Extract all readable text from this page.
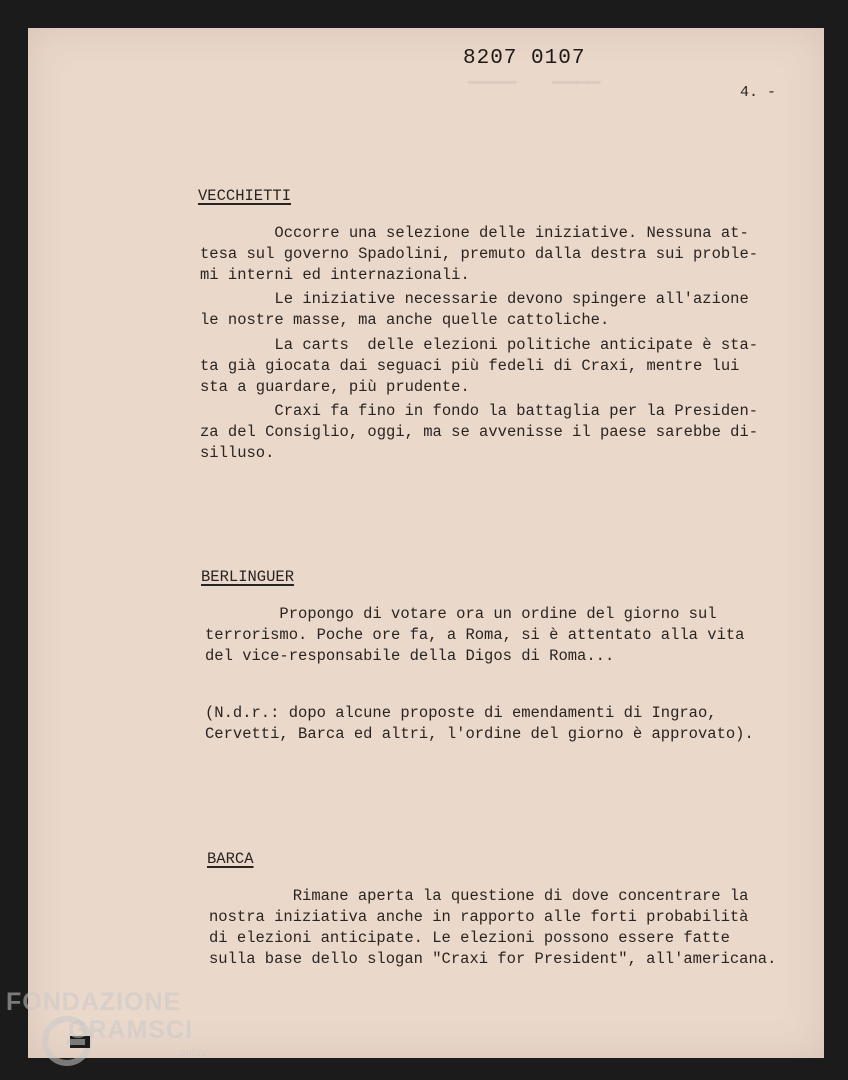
▁▁▁▁   ▁▁▁▁
8207 0107
4. -
VECCHIETTI

Occorre una selezione delle iniziative. Nessuna at-
tesa sul governo Spadolini, premuto dalla destra sui proble-
mi interni ed internazionali.

Le iniziative necessarie devono spingere all'azione
le nostre masse, ma anche quelle cattoliche.

La carts  delle elezioni politiche anticipate è sta-
ta già giocata dai seguaci più fedeli di Craxi, mentre lui
sta a guardare, più prudente.

Craxi fa fino in fondo la battaglia per la Presiden-
za del Consiglio, oggi, ma se avvenisse il paese sarebbe di-
silluso.

BERLINGUER

Propongo di votare ora un ordine del giorno sul
terrorismo. Poche ore fa, a Roma, si è attentato alla vita
del vice-responsabile della Digos di Roma...

(N.d.r.: dopo alcune proposte di emendamenti di Ingrao,
Cervetti, Barca ed altri, l'ordine del giorno è approvato).

BARCA

Rimane aperta la questione di dove concentrare la
nostra iniziativa anche in rapporto alle forti probabilità
di elezioni anticipate. Le elezioni possono essere fatte
sulla base dello slogan "Craxi for President", all'americana.

FONDAZIONE
GRAMSCI
onlus
